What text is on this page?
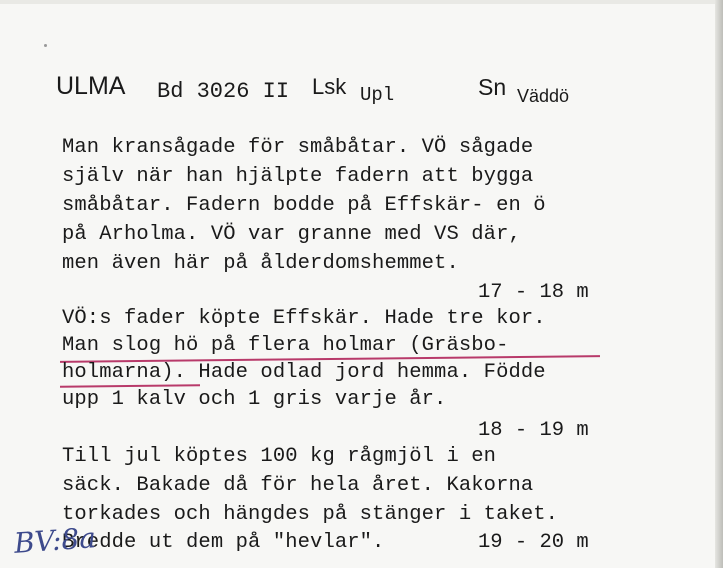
ULMA Bd 3026 II Lsk Upl	Sn Väddö
Man kransågade för småbåtar. VÖ sågade
själv när han hjälpte fadern att bygga
småbåtar. Fadern bodde på Effskär- en ö
på Arholma. VÖ var granne med VS där,
men även här på ålderdomshemmet.
17 - 18 m
VÖ:s fader köpte Effskär. Hade tre kor.
Man slog hö på flera holmar (Gräsbo-
holmarna). Hade odlad jord hemma. Födde
upp 1 kalv och 1 gris varje år.
18 - 19 m
Till jul köptes 100 kg rågmjöl i en
säck. Bakade då för hela året. Kakorna
torkades och hängdes på stänger i taket.
Bredde ut dem på "hevlar".	19 - 20 m
BV:8a
